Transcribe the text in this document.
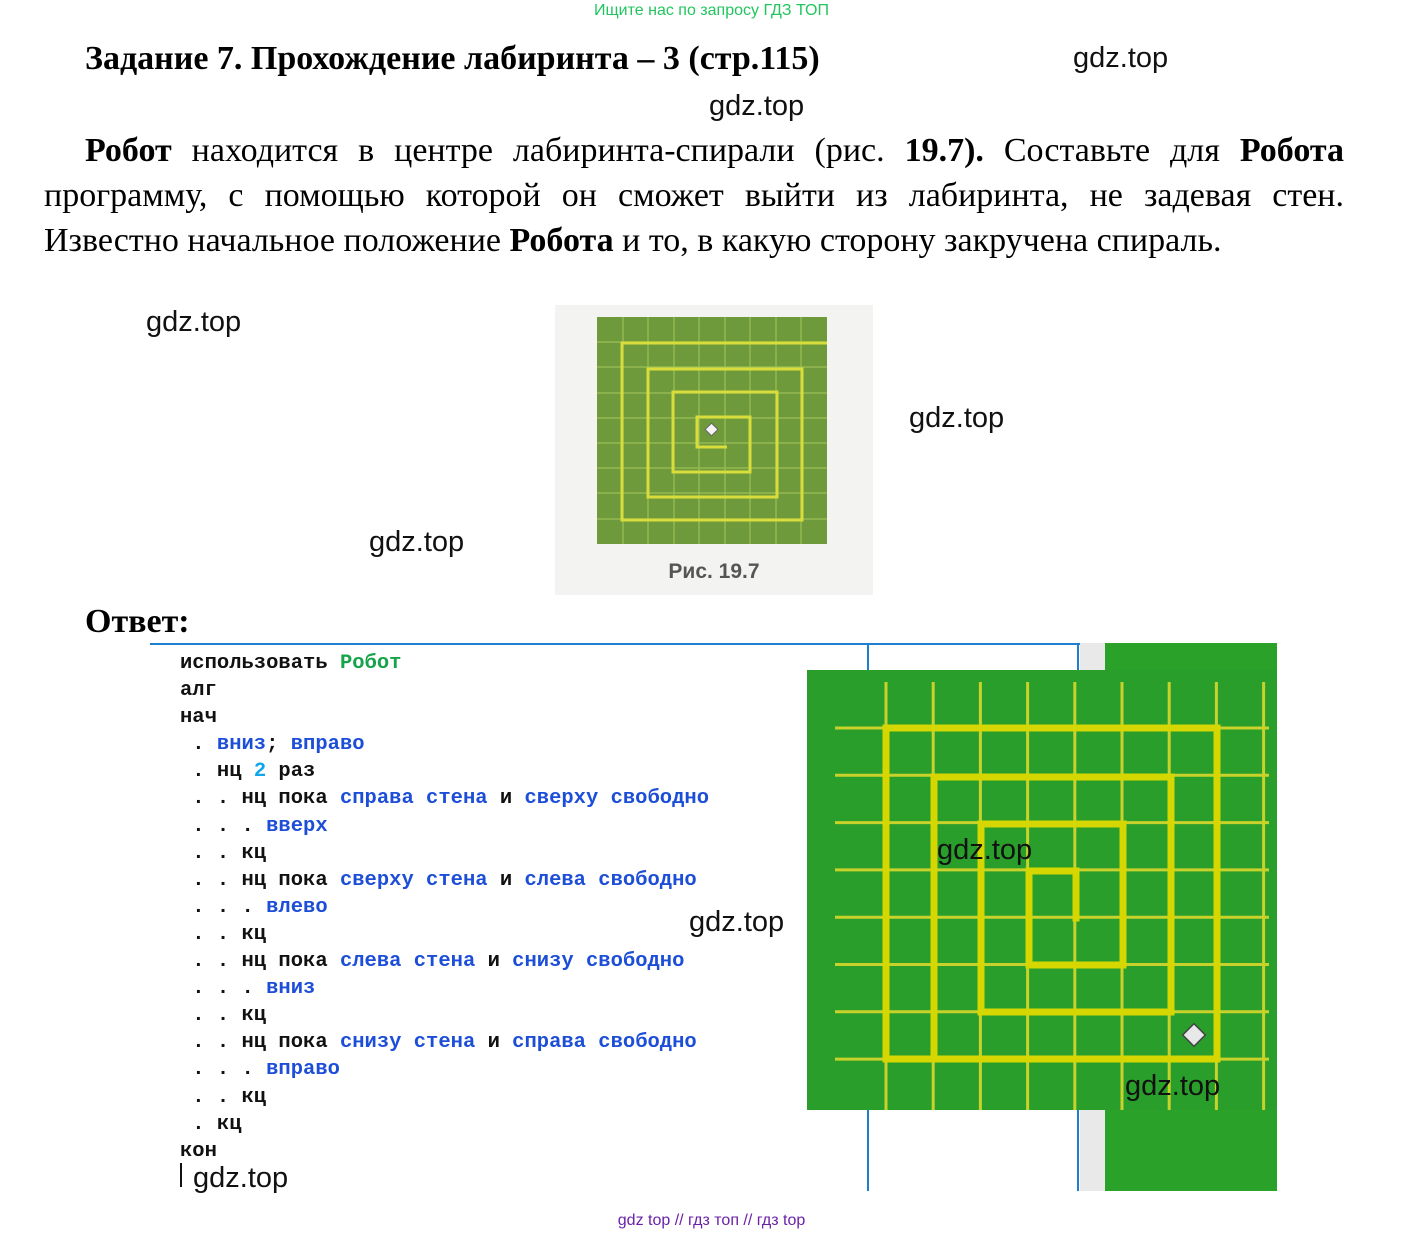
Ищите нас по запросу ГДЗ ТОП
Задание 7. Прохождение лабиринта – 3 (стр.115)	gdz.top
gdz.top
Робот находится в центре лабиринта-спирали (рис. 19.7). Составьте для Робота программу, с помощью которой он сможет выйти из лабиринта, не задевая стен. Известно начальное положение Робота и то, в какую сторону закручена спираль.
gdz.top
Рис. 19.7
gdz.top
gdz.top
Ответ:
использовать Робот
алг
нач
. вниз; вправо
. нц 2 раз
. . нц пока справа стена и сверху свободно
. . . вверх
. . кц
. . нц пока сверху стена и слева свободно
. . . влево
. . кц
. . нц пока слева стена и снизу свободно
. . . вниз
. . кц
. . нц пока снизу стена и справа свободно
. . . вправо
. . кц
. кц
кон
gdz.top
gdz.top
gdz.top
gdz.top
gdz top // гдз топ // гдз top
